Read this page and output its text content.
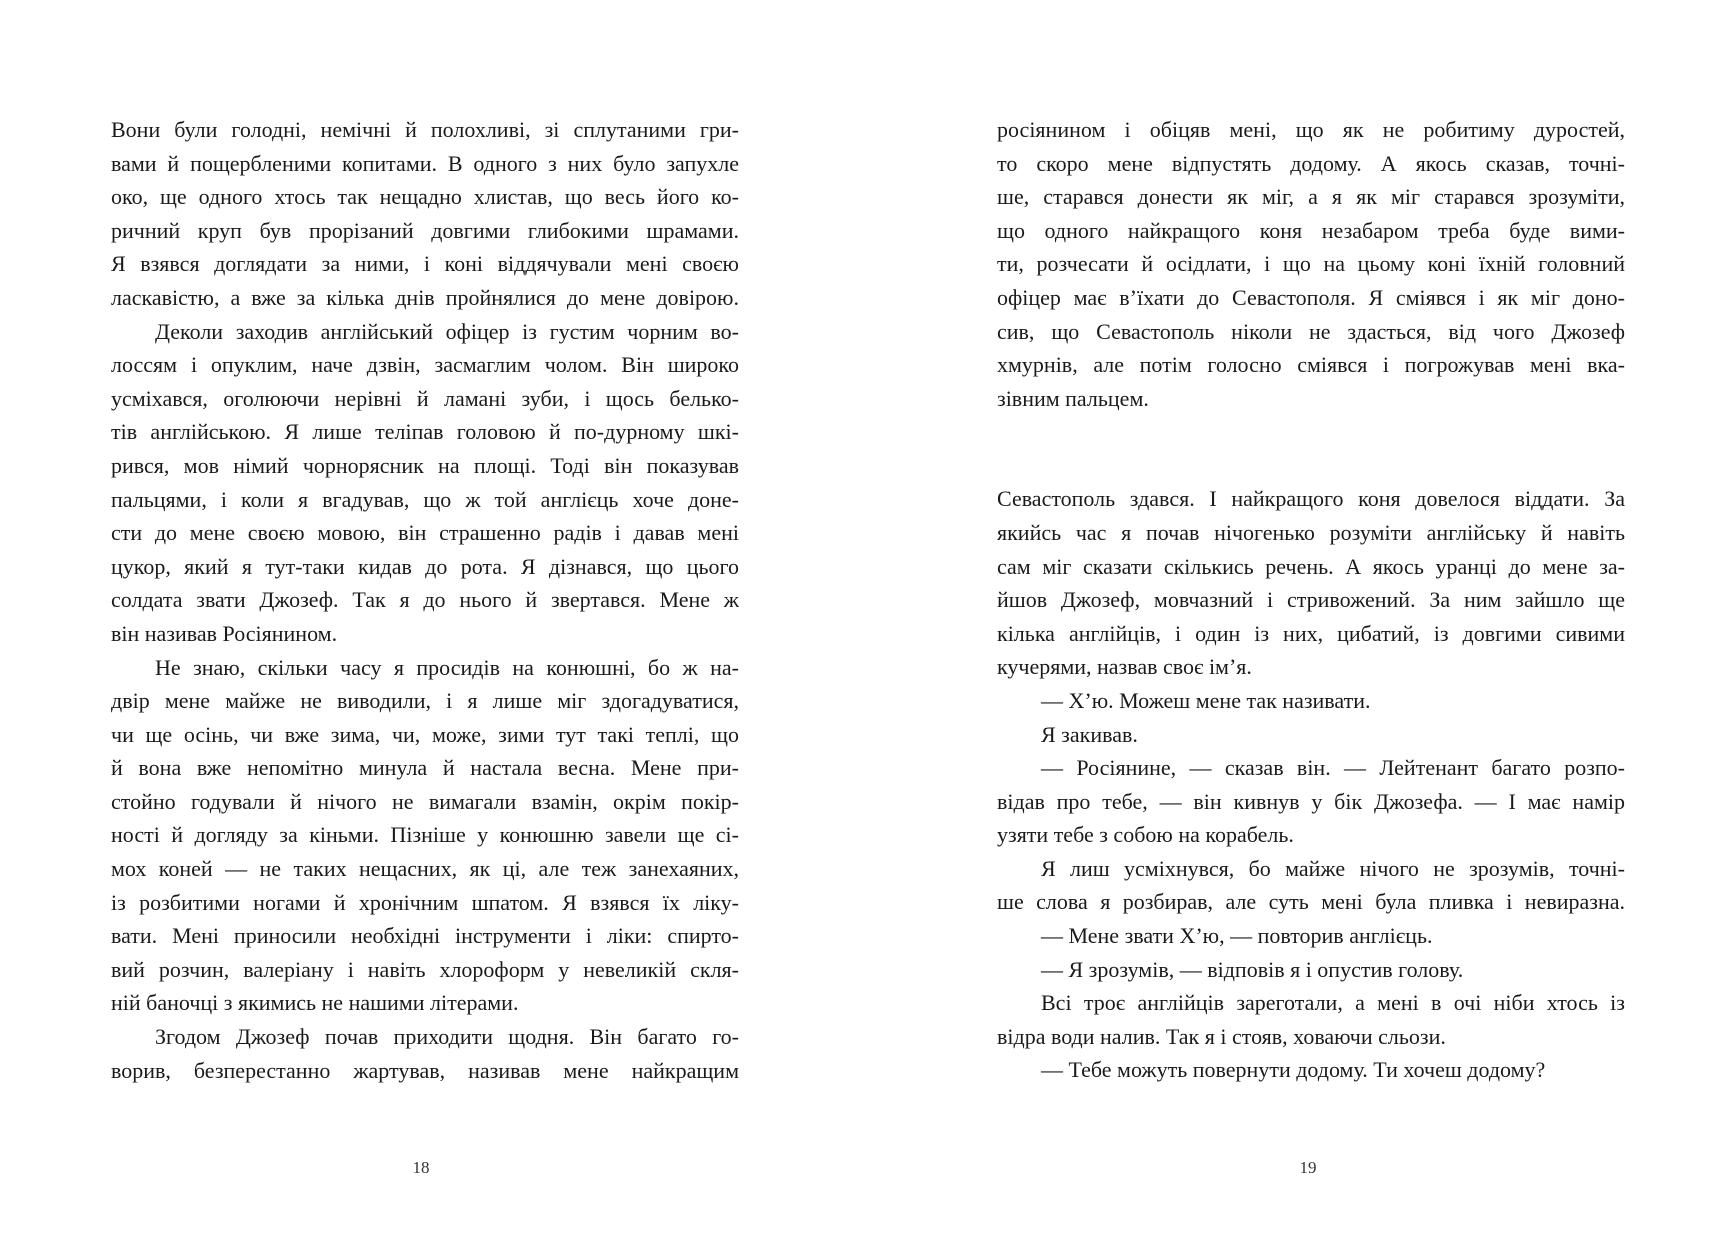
Вони були голодні, немічні й полохливі, зі сплутаними гри-
вами й пощербленими копитами. В одного з них було запухле
око, ще одного хтось так нещадно хлистав, що весь його ко-
ричний круп був прорізаний довгими глибокими шрамами.
Я взявся доглядати за ними, і коні віддячували мені своєю
ласкавістю, а вже за кілька днів пройнялися до мене довірою.
Деколи заходив англійський офіцер із густим чорним во-
лоссям і опуклим, наче дзвін, засмаглим чолом. Він широко
усміхався, оголюючи нерівні й ламані зуби, і щось белько-
тів англійською. Я лише теліпав головою й по-дурному шкі-
рився, мов німий чорнорясник на площі. Тоді він показував
пальцями, і коли я вгадував, що ж той англієць хоче доне-
сти до мене своєю мовою, він страшенно радів і давав мені
цукор, який я тут-таки кидав до рота. Я дізнався, що цього
солдата звати Джозеф. Так я до нього й звертався. Мене ж
він називав Росіянином.
Не знаю, скільки часу я просидів на конюшні, бо ж на-
двір мене майже не виводили, і я лише міг здогадуватися,
чи ще осінь, чи вже зима, чи, може, зими тут такі теплі, що
й вона вже непомітно минула й настала весна. Мене при-
стойно годували й нічого не вимагали взамін, окрім покір-
ності й догляду за кіньми. Пізніше у конюшню завели ще сі-
мох коней — не таких нещасних, як ці, але теж занехаяних,
із розбитими ногами й хронічним шпатом. Я взявся їх ліку-
вати. Мені приносили необхідні інструменти і ліки: спирто-
вий розчин, валеріану і навіть хлороформ у невеликій скля-
ній баночці з якимись не нашими літерами.
Згодом Джозеф почав приходити щодня. Він багато го-
ворив, безперестанно жартував, називав мене найкращим
18
росіянином і обіцяв мені, що як не робитиму дуростей,
то скоро мене відпустять додому. А якось сказав, точні-
ше, старався донести як міг, а я як міг старався зрозуміти,
що одного найкращого коня незабаром треба буде вими-
ти, розчесати й осідлати, і що на цьому коні їхній головний
офіцер має в’їхати до Севастополя. Я сміявся і як міг доно-
сив, що Севастополь ніколи не здасться, від чого Джозеф
хмурнів, але потім голосно сміявся і погрожував мені вка-
зівним пальцем.
Севастополь здався. І найкращого коня довелося віддати. За
якийсь час я почав нічогенько розуміти англійську й навіть
сам міг сказати скількись речень. А якось уранці до мене за-
йшов Джозеф, мовчазний і стривожений. За ним зайшло ще
кілька англійців, і один із них, цибатий, із довгими сивими
кучерями, назвав своє ім’я.
— Х’ю. Можеш мене так називати.
Я закивав.
— Росіянине, — сказав він. — Лейтенант багато розпо-
відав про тебе, — він кивнув у бік Джозефа. — І має намір
узяти тебе з собою на корабель.
Я лиш усміхнувся, бо майже нічого не зрозумів, точні-
ше слова я розбирав, але суть мені була пливка і невиразна.
— Мене звати Х’ю, — повторив англієць.
— Я зрозумів, — відповів я і опустив голову.
Всі троє англійців зареготали, а мені в очі ніби хтось із
відра води налив. Так я і стояв, ховаючи сльози.
— Тебе можуть повернути додому. Ти хочеш додому?
19
